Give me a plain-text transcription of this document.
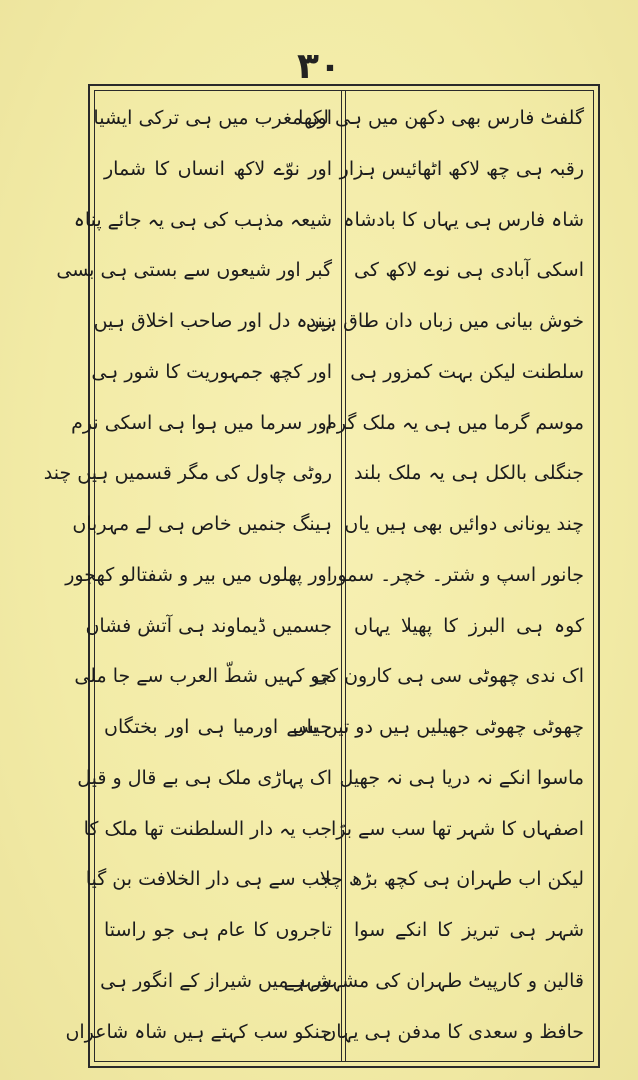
۳۰
گلفٹ فارس بھی دکھن میں ہی لکھا
رقبہ ہی چھ لاکھ اٹھائیس ہزار
شاہ فارس ہی یہاں کا بادشاہ
اسکی آبادی ہی نوے لاکھ کی
خوش بیانی میں زباں دان طاق ہیں
سلطنت لیکن بہت کمزور ہی
موسم گرما میں ہی یہ ملک گرم
جنگلی بالکل ہی یہ ملک بلند
چند یونانی دوائیں بھی ہیں یاں
جانور اسپ و شتر۔ خچر۔ سمور
کوہ ہی البرز کا پھیلا یہاں
اک ندی چھوٹی سی ہی کارون کی
چھوٹی چھوٹی جھیلیں ہیں دو تین یاں
ماسوا انکے نہ دریا ہی نہ جھیل
اصفہاں کا شہر تھا سب سے بڑا
لیکن اب طہران ہی کچھ بڑھ چلا
شہر ہی تبریز کا انکے سوا
قالین و کارپیٹ طہران کی مشہور ہے
حافظ و سعدی کا مدفن ہی یہاں
اور مغرب میں ہی ترکی ایشیا
اور نوّے لاکھ انساں کا شمار
شیعہ مذہب کی ہی یہ جائے پناہ
گبر اور شیعوں سے بستی ہی بسی
زندہ دل اور صاحب اخلاق ہیں
اور کچھ جمہوریت کا شور ہی
اور سرما میں ہوا ہی اسکی نرم
روٹی چاول کی مگر قسمیں ہیں چند
ہینگ جنمیں خاص ہی لے مہرباں
اور پھلوں میں بیر و شفتالو کھجور
جسمیں ڈیماوند ہی آتش فشاں
جو کہیں شطّ العرب سے جا ملی
جیسے اورمیا ہی اور بختگاں
اک پہاڑی ملک ہی بے قال و قیل
جب یہ دار السلطنت تھا ملک کا
جب سے ہی دار الخلافت بن گیا
تاجروں کا عام ہی جو راستا
شہر میں شیراز کے انگور ہی
جنکو سب کہتے ہیں شاہ شاعراں
